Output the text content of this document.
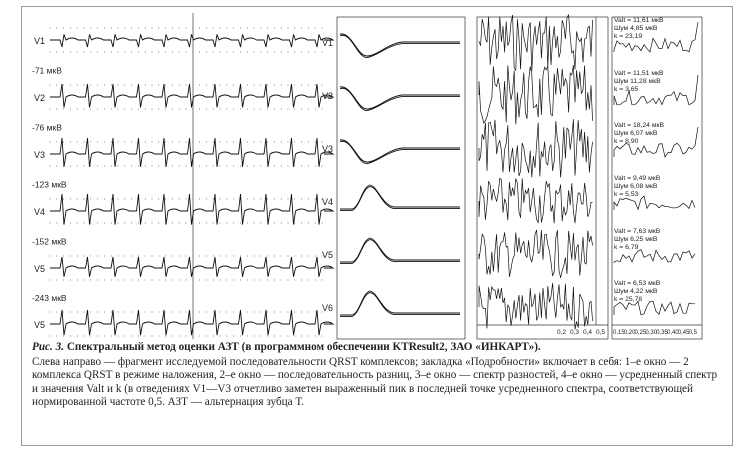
V1
V2
V3
V4
V5
V5
-71 мкВ
-76 мкВ
-123 мкВ
-152 мкВ
-243 мкВ
V1
V2
V3
V4
V5
V6
0,2 0,3 0,4 0,5
Valt = 11,61 мкВ
Шум 4,85 мкВ
k = 23,19
Valt = 11,51 мкВ
Шум 11,28 мкВ
k = 3,65
Valt = 18,24 мкВ
Шум 6,07 мкВ
k = 8,90
Valt = 9,49 мкВ
Шум 6,08 мкВ
k = 5,53
Valt = 7,63 мкВ
Шум 6,25 мкВ
k = 6,79
Valt = 6,53 мкВ
Шум 4,22 мкВ
k = 25,78
0,15 0,20 0,25 0,30 0,35 0,40 0,45 0,5

Рис. 3. Спектральный метод оценки АЗТ (в программном обеспечении KTResult2, ЗАО «ИНКАРТ»).

Слева направо — фрагмент исследуемой последовательности QRST комплексов; закладка «Подробности» включает в себя: 1–е окно — 2 комплекса QRST в режиме наложения, 2–е окно — последовательность разниц, 3–е окно — спектр разностей, 4–е окно — усредненный спектр и значения Valt и k (в отведениях V1—V3 отчетливо заметен выраженный пик в последней точке усредненного спектра, соответствующей нормированной частоте 0,5. АЗТ — альтернация зубца Т.
